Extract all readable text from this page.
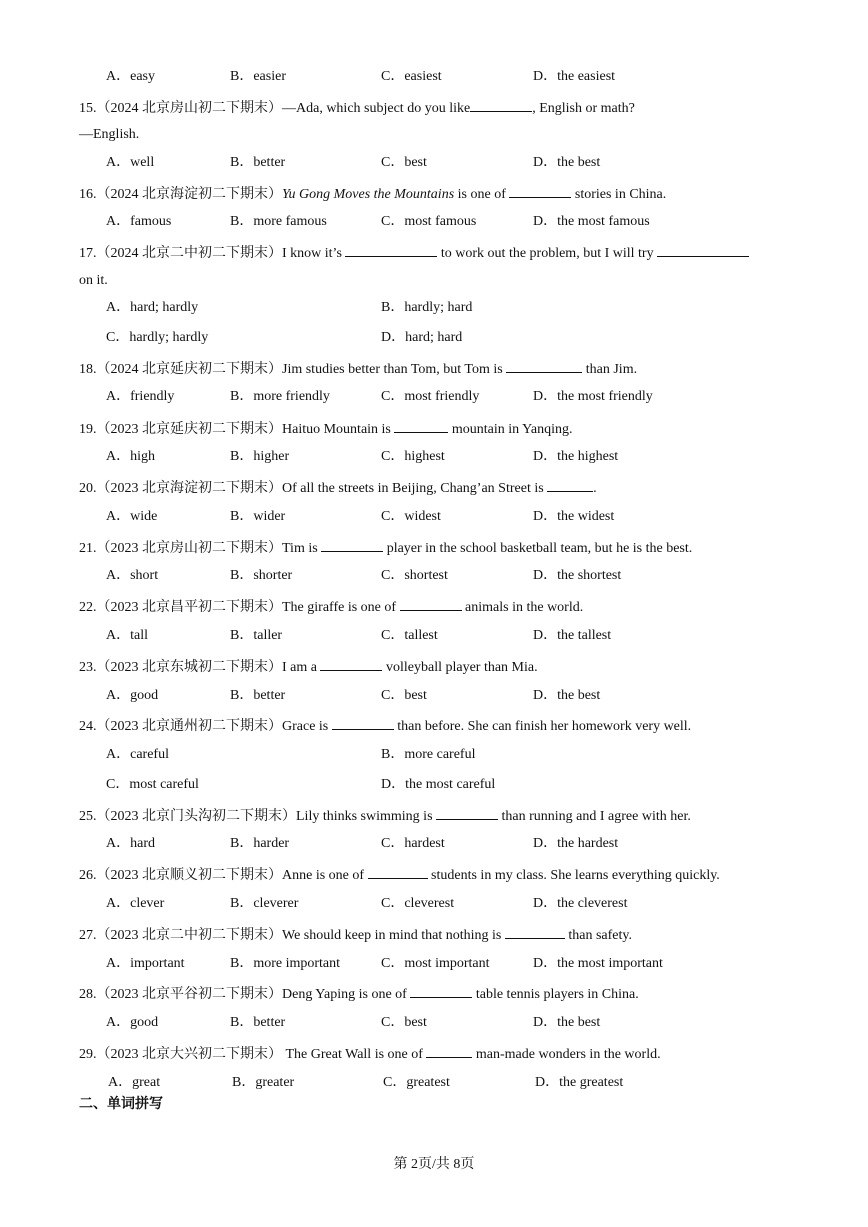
A．easy	B．easier	C．easiest	D．the easiest
15.（2024 北京房山初二下期末）—Ada, which subject do you like	, English or math?
—English.
A．well	B．better	C．best	D．the best
16.（2024 北京海淀初二下期末）Yu Gong Moves the Mountains is one of	stories in China.
A．famous	B．more famous	C．most famous	D．the most famous
17.（2024 北京二中初二下期末）I know it’s	to work out the problem, but I will try
on it.
A．hard; hardly	B．hardly; hard
C．hardly; hardly	D．hard; hard
18.（2024 北京延庆初二下期末）Jim studies better than Tom, but Tom is	than Jim.
A．friendly	B．more friendly	C．most friendly	D．the most friendly
19.（2023 北京延庆初二下期末）Haituo Mountain is	mountain in Yanqing.
A．high	B．higher	C．highest	D．the highest
20.（2023 北京海淀初二下期末）Of all the streets in Beijing, Chang’an Street is	.
A．wide	B．wider	C．widest	D．the widest
21.（2023 北京房山初二下期末）Tim is	player in the school basketball team, but he is the best.
A．short	B．shorter	C．shortest	D．the shortest
22.（2023 北京昌平初二下期末）The giraffe is one of	animals in the world.
A．tall	B．taller	C．tallest	D．the tallest
23.（2023 北京东城初二下期末）I am a	volleyball player than Mia.
A．good	B．better	C．best	D．the best
24.（2023 北京通州初二下期末）Grace is	than before. She can finish her homework very well.
A．careful	B．more careful
C．most careful	D．the most careful
25.（2023 北京门头沟初二下期末）Lily thinks swimming is	than running and I agree with her.
A．hard	B．harder	C．hardest	D．the hardest
26.（2023 北京顺义初二下期末）Anne is one of	students in my class. She learns everything quickly.
A．clever	B．cleverer	C．cleverest	D．the cleverest
27.（2023 北京二中初二下期末）We should keep in mind that nothing is	than safety.
A．important	B．more important	C．most important	D．the most important
28.（2023 北京平谷初二下期末）Deng Yaping is one of	table tennis players in China.
A．good	B．better	C．best	D．the best
29.（2023 北京大兴初二下期末） The Great Wall is one of	man-made wonders in the world.
A．great	B．greater	C．greatest	D．the greatest
二、单词拼写
第 2页/共 8页
